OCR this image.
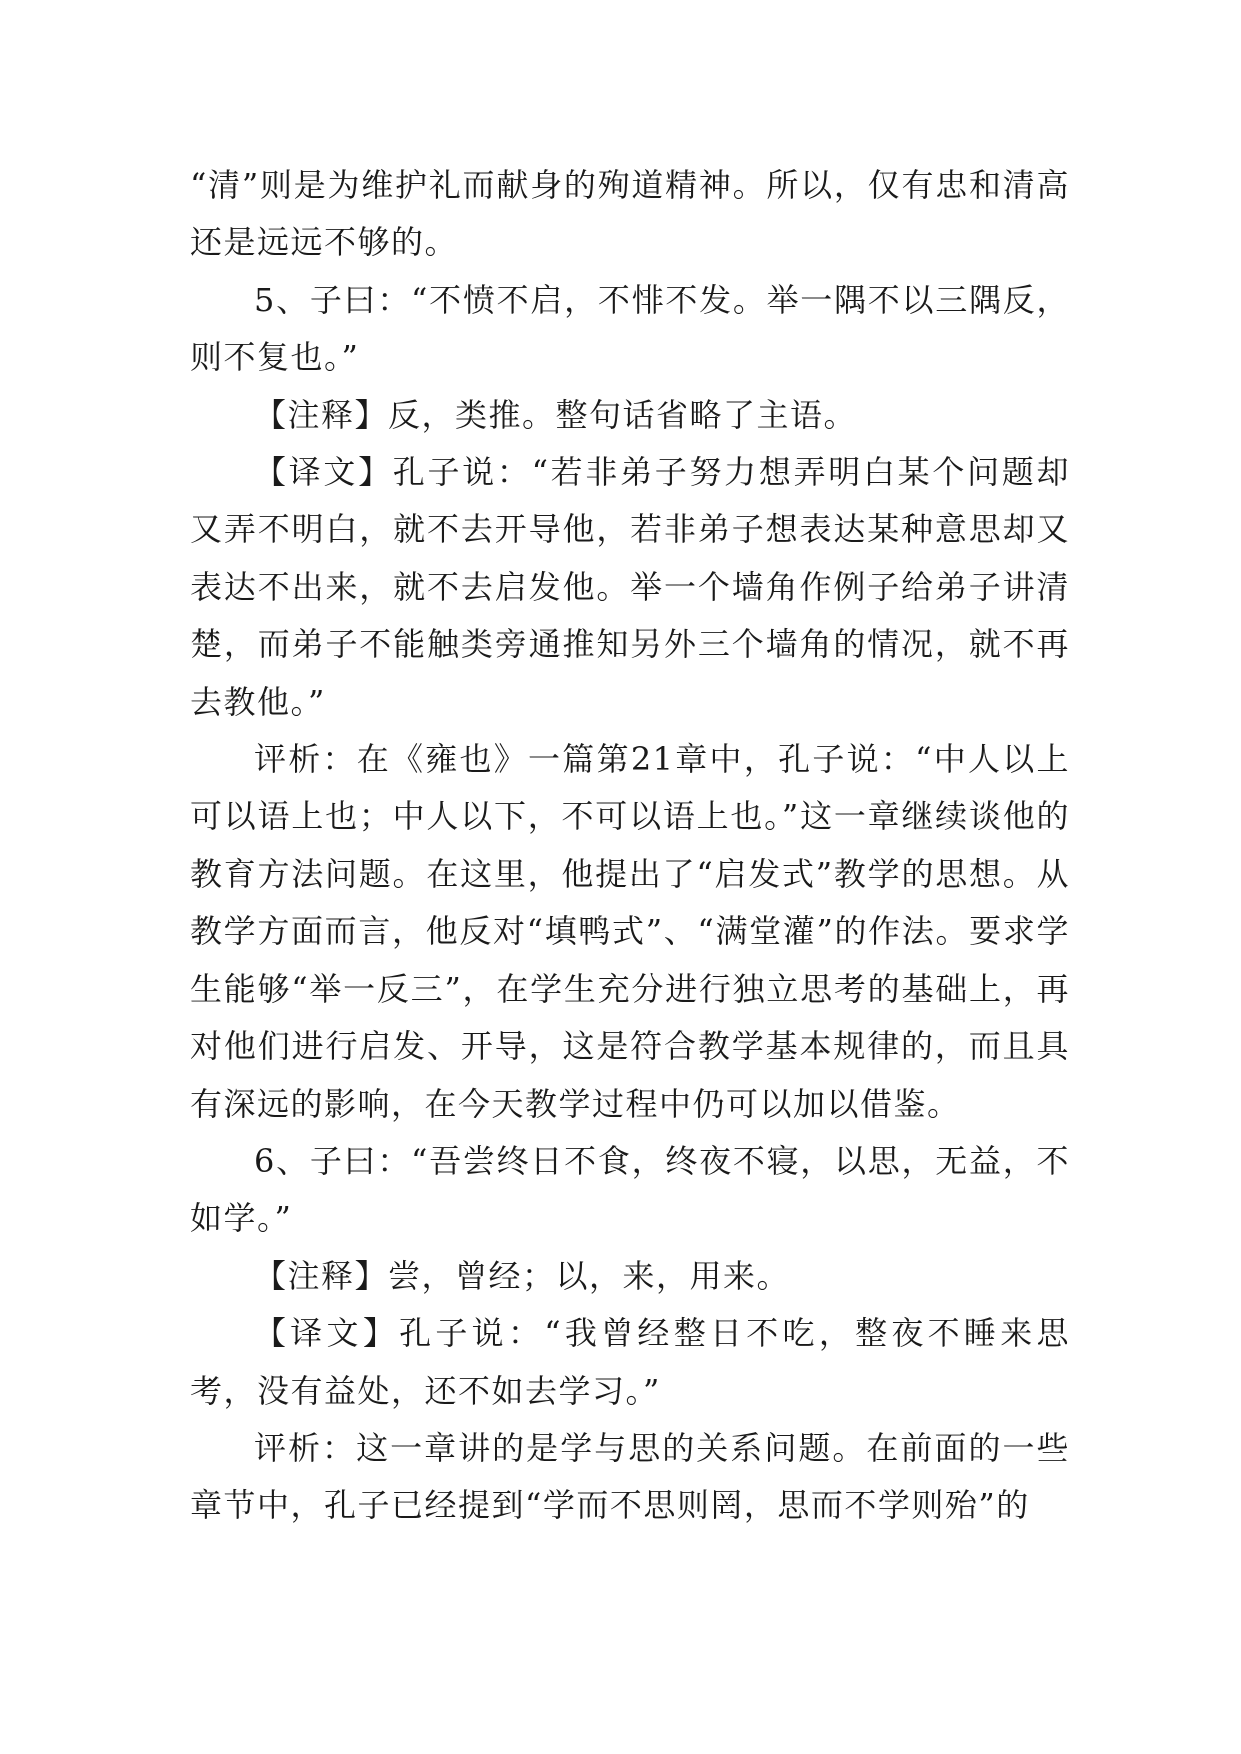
“清”则是为维护礼而献身的殉道精神。所以，仅有忠和清高还是远远不够的。

5、子曰：“不愤不启，不悱不发。举一隅不以三隅反，则不复也。”

【注释】反，类推。整句话省略了主语。

【译文】孔子说：“若非弟子努力想弄明白某个问题却又弄不明白，就不去开导他，若非弟子想表达某种意思却又表达不出来，就不去启发他。举一个墙角作例子给弟子讲清楚，而弟子不能触类旁通推知另外三个墙角的情况，就不再去教他。”

评析：在《雍也》一篇第21章中，孔子说：“中人以上可以语上也；中人以下，不可以语上也。”这一章继续谈他的教育方法问题。在这里，他提出了“启发式”教学的思想。从教学方面而言，他反对“填鸭式”、“满堂灌”的作法。要求学生能够“举一反三”，在学生充分进行独立思考的基础上，再对他们进行启发、开导，这是符合教学基本规律的，而且具有深远的影响，在今天教学过程中仍可以加以借鉴。

6、子曰：“吾尝终日不食，终夜不寝，以思，无益，不如学。”

【注释】尝，曾经；以，来，用来。

【译文】孔子说：“我曾经整日不吃，整夜不睡来思考，没有益处，还不如去学习。”

评析：这一章讲的是学与思的关系问题。在前面的一些章节中，孔子已经提到“学而不思则罔，思而不学则殆”的
